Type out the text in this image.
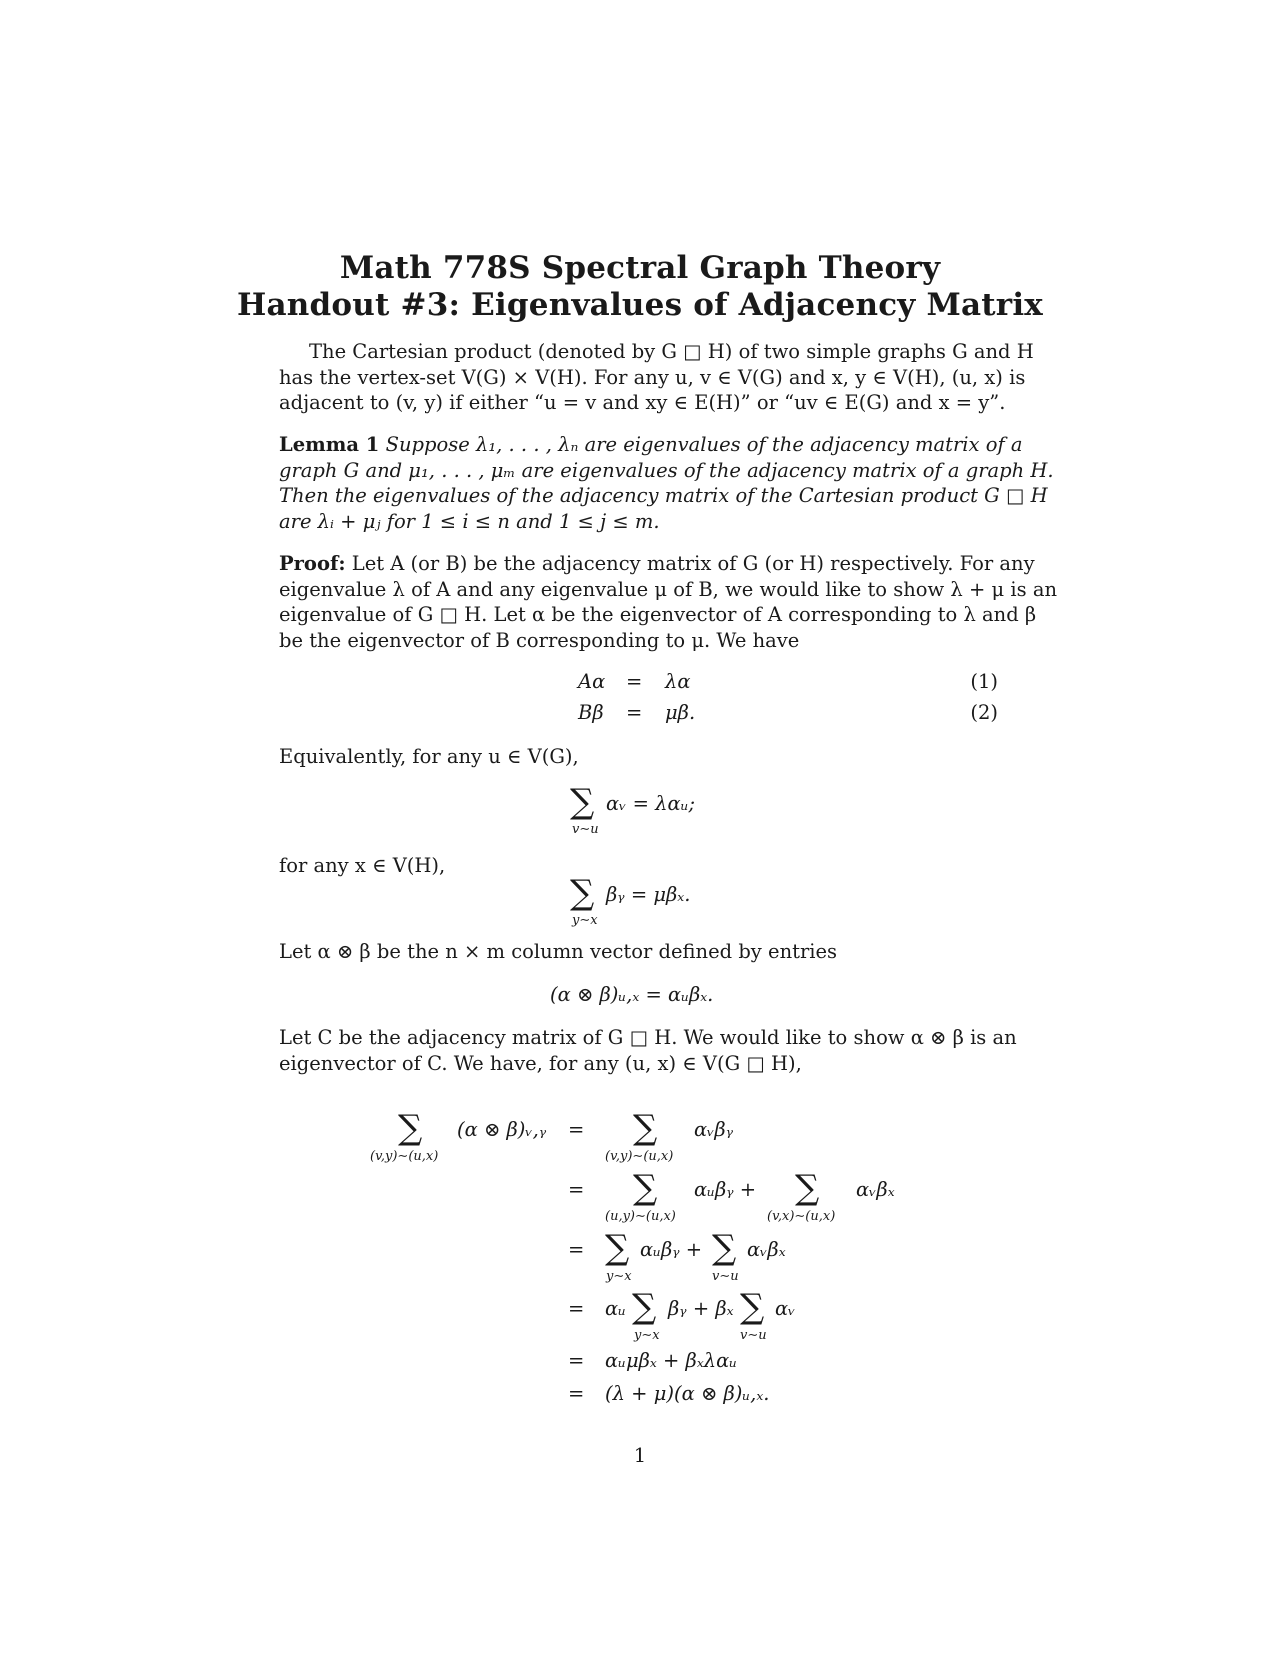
Math 778S Spectral Graph Theory
Handout #3: Eigenvalues of Adjacency Matrix
The Cartesian product (denoted by G □ H) of two simple graphs G and H
has the vertex-set V(G) × V(H). For any u, v ∈ V(G) and x, y ∈ V(H), (u, x) is
adjacent to (v, y) if either “u = v and xy ∈ E(H)” or “uv ∈ E(G) and x = y”.
Lemma 1 Suppose λ₁, . . . , λₙ are eigenvalues of the adjacency matrix of a
graph G and μ₁, . . . , μₘ are eigenvalues of the adjacency matrix of a graph H.
Then the eigenvalues of the adjacency matrix of the Cartesian product G □ H
are λᵢ + μⱼ for 1 ≤ i ≤ n and 1 ≤ j ≤ m.
Proof: Let A (or B) be the adjacency matrix of G (or H) respectively. For any
eigenvalue λ of A and any eigenvalue μ of B, we would like to show λ + μ is an
eigenvalue of G □ H. Let α be the eigenvector of A corresponding to λ and β
be the eigenvector of B corresponding to μ. We have
Aα = λα	(1)
Bβ = μβ.	(2)
Equivalently, for any u ∈ V(G),
∑ αᵥ = λαᵤ;
v∼u
for any x ∈ V(H),
∑ βᵧ = μβₓ.
y∼x
Let α ⊗ β be the n × m column vector defined by entries
(α ⊗ β)ᵤ,ₓ = αᵤβₓ.
Let C be the adjacency matrix of G □ H. We would like to show α ⊗ β is an
eigenvector of C. We have, for any (u, x) ∈ V(G □ H),
∑ (α ⊗ β)ᵥ,ᵧ
(v,y)∼(u,x)
= ∑ αᵥβᵧ
(v,y)∼(u,x)
= ∑ αᵤβᵧ +
(u,y)∼(u,x)
∑ αᵥβₓ
(v,x)∼(u,x)
= ∑ αᵤβᵧ +
y∼x
∑ αᵥβₓ
v∼u
= αᵤ ∑ βᵧ + βₓ
y∼x
∑ αᵥ
v∼u
= αᵤμβₓ + βₓλαᵤ
= (λ + μ)(α ⊗ β)ᵤ,ₓ.
1
